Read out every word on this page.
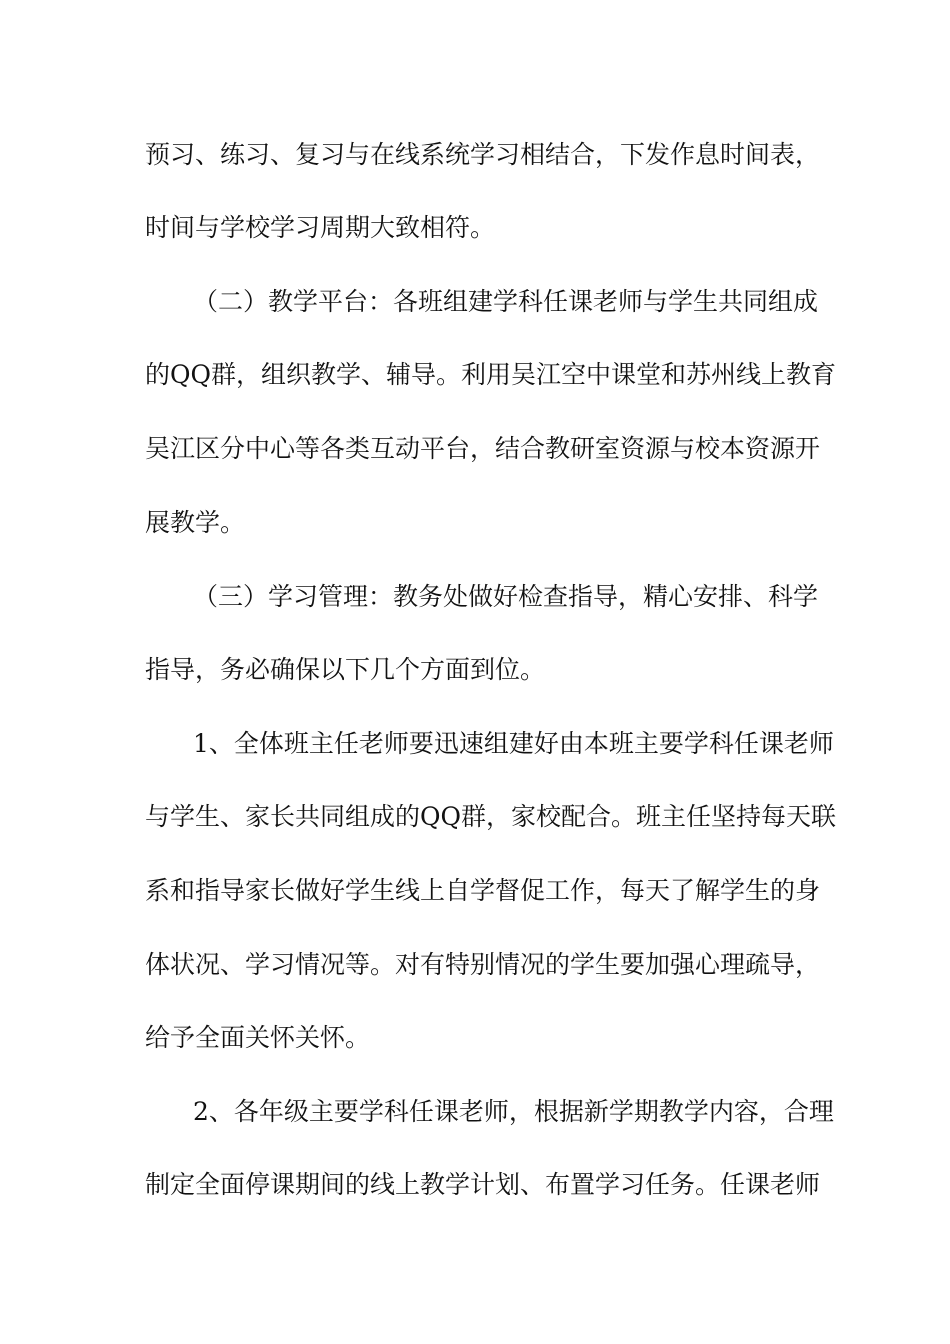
预习、练习、复习与在线系统学习相结合，下发作息时间表，
时间与学校学习周期大致相符。
（二）教学平台：各班组建学科任课老师与学生共同组成
的QQ群，组织教学、辅导。利用吴江空中课堂和苏州线上教育
吴江区分中心等各类互动平台，结合教研室资源与校本资源开
展教学。
（三）学习管理：教务处做好检查指导，精心安排、科学
指导，务必确保以下几个方面到位。
1、全体班主任老师要迅速组建好由本班主要学科任课老师
与学生、家长共同组成的QQ群，家校配合。班主任坚持每天联
系和指导家长做好学生线上自学督促工作，每天了解学生的身
体状况、学习情况等。对有特别情况的学生要加强心理疏导，
给予全面关怀关怀。
2、各年级主要学科任课老师，根据新学期教学内容，合理
制定全面停课期间的线上教学计划、布置学习任务。任课老师
